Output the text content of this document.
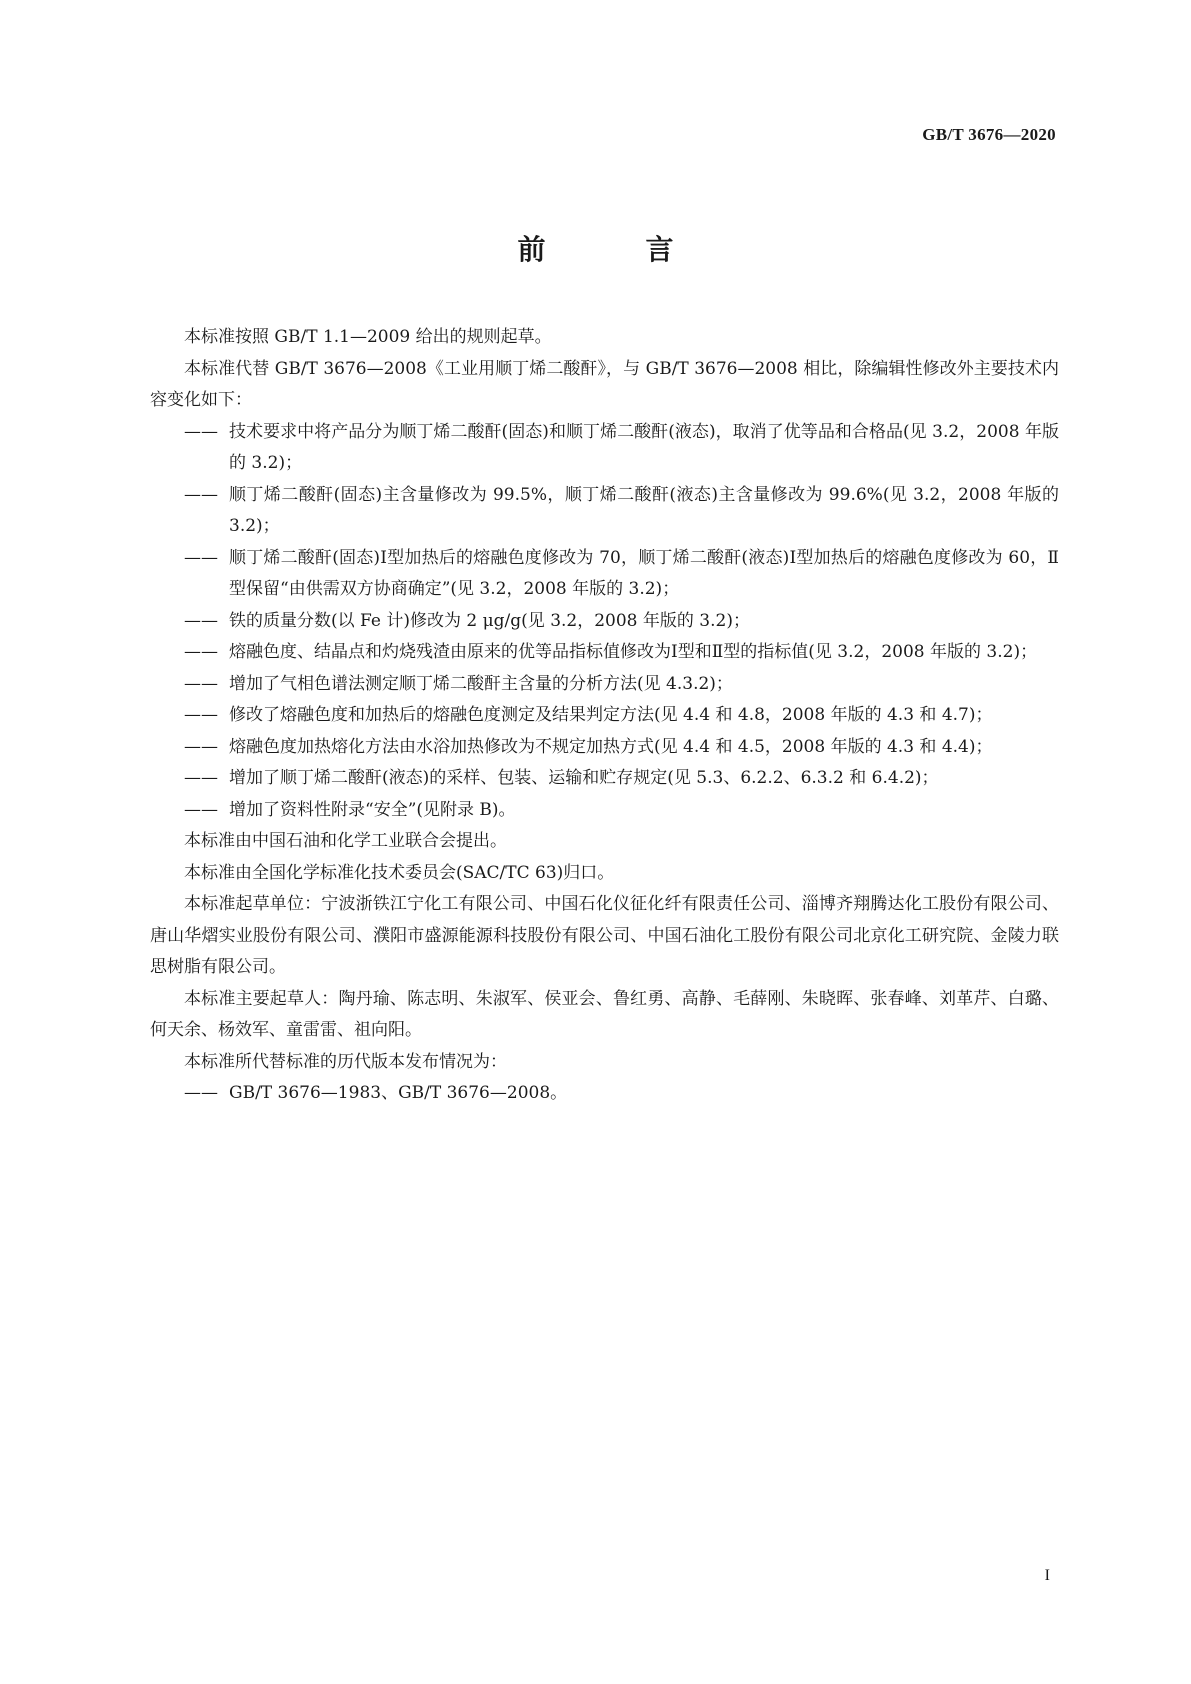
GB/T 3676—2020
前　言

本标准按照 GB/T 1.1—2009 给出的规则起草。

本标准代替 GB/T 3676—2008《工业用顺丁烯二酸酐》，与 GB/T 3676—2008 相比，除编辑性修改外主要技术内容变化如下：

—— 技术要求中将产品分为顺丁烯二酸酐(固态)和顺丁烯二酸酐(液态)，取消了优等品和合格品(见 3.2，2008 年版的 3.2)；
—— 顺丁烯二酸酐(固态)主含量修改为 99.5%，顺丁烯二酸酐(液态)主含量修改为 99.6%(见 3.2，2008 年版的 3.2)；
—— 顺丁烯二酸酐(固态)Ⅰ型加热后的熔融色度修改为 70，顺丁烯二酸酐(液态)Ⅰ型加热后的熔融色度修改为 60，Ⅱ型保留“由供需双方协商确定”(见 3.2，2008 年版的 3.2)；
—— 铁的质量分数(以 Fe 计)修改为 2 μg/g(见 3.2，2008 年版的 3.2)；
—— 熔融色度、结晶点和灼烧残渣由原来的优等品指标值修改为Ⅰ型和Ⅱ型的指标值(见 3.2，2008 年版的 3.2)；
—— 增加了气相色谱法测定顺丁烯二酸酐主含量的分析方法(见 4.3.2)；
—— 修改了熔融色度和加热后的熔融色度测定及结果判定方法(见 4.4 和 4.8，2008 年版的 4.3 和 4.7)；
—— 熔融色度加热熔化方法由水浴加热修改为不规定加热方式(见 4.4 和 4.5，2008 年版的 4.3 和 4.4)；
—— 增加了顺丁烯二酸酐(液态)的采样、包装、运输和贮存规定(见 5.3、6.2.2、6.3.2 和 6.4.2)；
—— 增加了资料性附录“安全”(见附录 B)。

本标准由中国石油和化学工业联合会提出。

本标准由全国化学标准化技术委员会(SAC/TC 63)归口。

本标准起草单位：宁波浙铁江宁化工有限公司、中国石化仪征化纤有限责任公司、淄博齐翔腾达化工股份有限公司、唐山华熠实业股份有限公司、濮阳市盛源能源科技股份有限公司、中国石油化工股份有限公司北京化工研究院、金陵力联思树脂有限公司。

本标准主要起草人：陶丹瑜、陈志明、朱淑军、侯亚会、鲁红勇、高静、毛薛刚、朱晓晖、张春峰、刘革芹、白璐、何天余、杨效军、童雷雷、祖向阳。

本标准所代替标准的历代版本发布情况为：

—— GB/T 3676—1983、GB/T 3676—2008。
I
